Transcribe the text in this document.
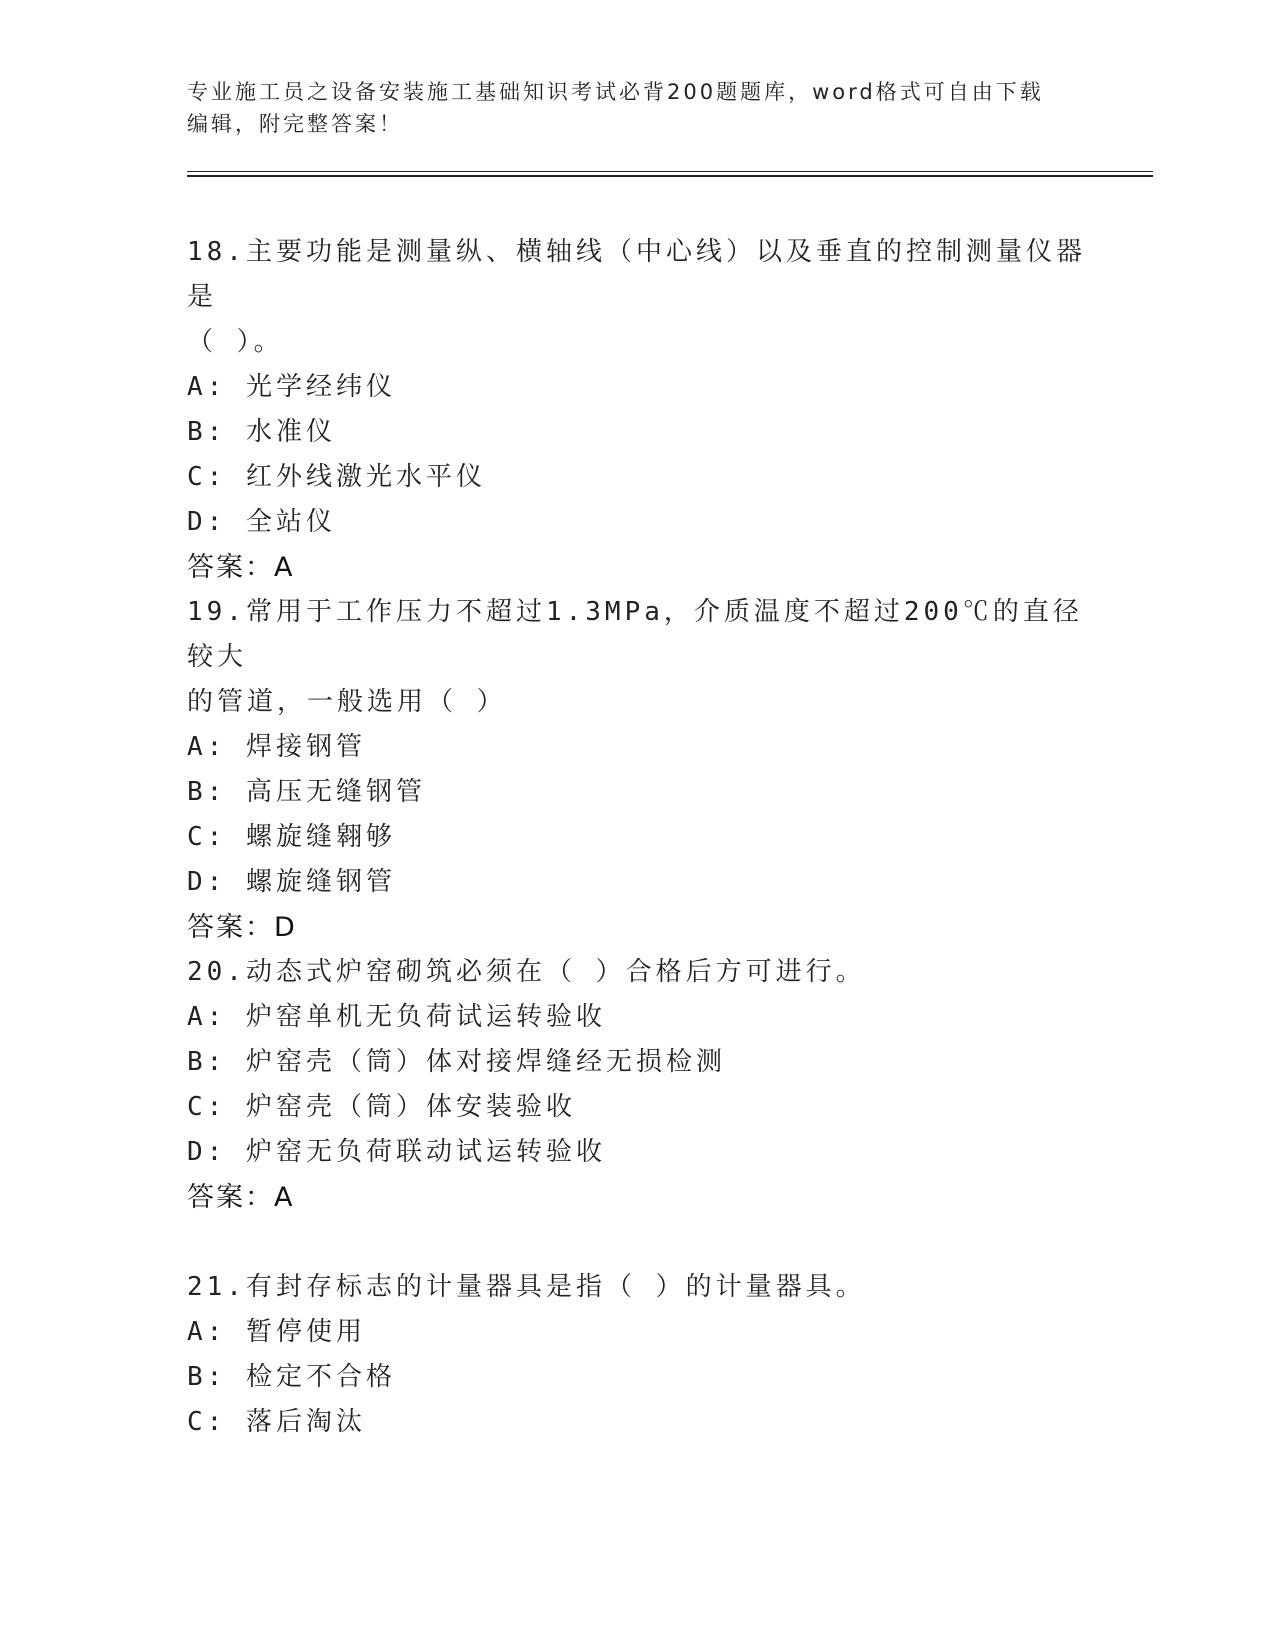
专业施工员之设备安装施工基础知识考试必背200题题库，word格式可自由下载
编辑，附完整答案！

18.主要功能是测量纵、横轴线（中心线）以及垂直的控制测量仪器是

（ ）。

A: 光学经纬仪

B: 水准仪

C: 红外线激光水平仪

D: 全站仪

答案：A

19.常用于工作压力不超过1.3MPa，介质温度不超过200℃的直径较大

的管道，一般选用（ ）

A: 焊接钢管

B: 高压无缝钢管

C: 螺旋缝翱够

D: 螺旋缝钢管

答案：D

20.动态式炉窑砌筑必须在（ ）合格后方可进行。

A: 炉窑单机无负荷试运转验收

B: 炉窑壳（筒）体对接焊缝经无损检测

C: 炉窑壳（筒）体安装验收

D: 炉窑无负荷联动试运转验收

答案：A

21.有封存标志的计量器具是指（ ）的计量器具。

A: 暂停使用

B: 检定不合格

C: 落后淘汰
